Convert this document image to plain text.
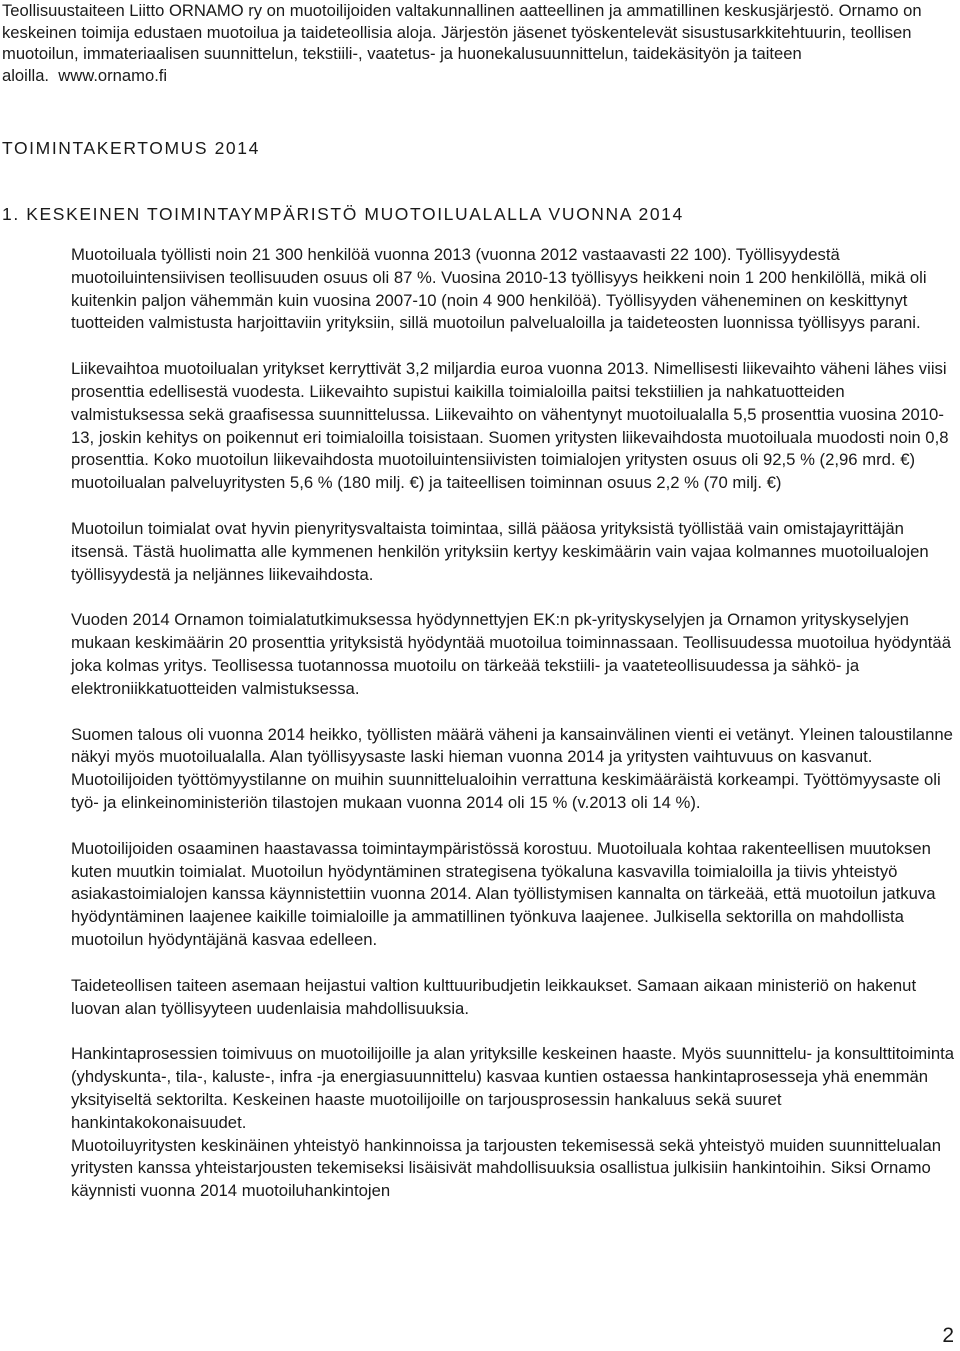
Teollisuustaiteen Liitto ORNAMO ry on muotoilijoiden valtakunnallinen aatteellinen ja ammatillinen keskusjärjestö. Ornamo on keskeinen toimija edustaen muotoilua ja taideteollisia aloja. Järjestön jäsenet työskentelevät sisustusarkkitehtuurin, teollisen muotoilun, immateriaalisen suunnittelun, tekstiili-, vaatetus- ja huonekalusuunnittelun, taidekäsityön ja taiteen aloilla. www.ornamo.fi

TOIMINTAKERTOMUS 2014
1. KESKEINEN TOIMINTAYMPÄRISTÖ MUOTOILUALALLA VUONNA 2014

Muotoiluala työllisti noin 21 300 henkilöä vuonna 2013 (vuonna 2012 vastaavasti 22 100). Työllisyydestä muotoiluintensiivisen teollisuuden osuus oli 87 %. Vuosina 2010-13 työllisyys heikkeni noin 1 200 henkilöllä, mikä oli kuitenkin paljon vähemmän kuin vuosina 2007-10 (noin 4 900 henkilöä). Työllisyyden väheneminen on keskittynyt tuotteiden valmistusta harjoittaviin yrityksiin, sillä muotoilun palvelualoilla ja taideteosten luonnissa työllisyys parani.

Liikevaihtoa muotoilualan yritykset kerryttivät 3,2 miljardia euroa vuonna 2013. Nimellisesti liikevaihto väheni lähes viisi prosenttia edellisestä vuodesta. Liikevaihto supistui kaikilla toimialoilla paitsi tekstiilien ja nahkatuotteiden valmistuksessa sekä graafisessa suunnittelussa. Liikevaihto on vähentynyt muotoilualalla 5,5 prosenttia vuosina 2010-13, joskin kehitys on poikennut eri toimialoilla toisistaan. Suomen yritysten liikevaihdosta muotoiluala muodosti noin 0,8 prosenttia. Koko muotoilun liikevaihdosta muotoiluintensiivisten toimialojen yritysten osuus oli 92,5 % (2,96 mrd. €) muotoilualan palveluyritysten 5,6 % (180 milj. €) ja taiteellisen toiminnan osuus 2,2 % (70 milj. €)

Muotoilun toimialat ovat hyvin pienyritysvaltaista toimintaa, sillä pääosa yrityksistä työllistää vain omistajayrittäjän itsensä. Tästä huolimatta alle kymmenen henkilön yrityksiin kertyy keskimäärin vain vajaa kolmannes muotoilualojen työllisyydestä ja neljännes liikevaihdosta.

Vuoden 2014 Ornamon toimialatutkimuksessa hyödynnettyjen EK:n pk-yrityskyselyjen ja Ornamon yrityskyselyjen mukaan keskimäärin 20 prosenttia yrityksistä hyödyntää muotoilua toiminnassaan. Teollisuudessa muotoilua hyödyntää joka kolmas yritys. Teollisessa tuotannossa muotoilu on tärkeää tekstiili- ja vaateteollisuudessa ja sähkö- ja elektroniikkatuotteiden valmistuksessa.

Suomen talous oli vuonna 2014 heikko, työllisten määrä väheni ja kansainvälinen vienti ei vetänyt. Yleinen taloustilanne näkyi myös muotoilualalla. Alan työllisyysaste laski hieman vuonna 2014 ja yritysten vaihtuvuus on kasvanut. Muotoilijoiden työttömyystilanne on muihin suunnittelualoihin verrattuna keskimääräistä korkeampi. Työttömyysaste oli työ- ja elinkeinoministeriön tilastojen mukaan vuonna 2014 oli 15 % (v.2013 oli 14 %).

Muotoilijoiden osaaminen haastavassa toimintaympäristössä korostuu. Muotoiluala kohtaa rakenteellisen muutoksen kuten muutkin toimialat. Muotoilun hyödyntäminen strategisena työkaluna kasvavilla toimialoilla ja tiivis yhteistyö asiakastoimialojen kanssa käynnistettiin vuonna 2014. Alan työllistymisen kannalta on tärkeää, että muotoilun jatkuva hyödyntäminen laajenee kaikille toimialoille ja ammatillinen työnkuva laajenee. Julkisella sektorilla on mahdollista muotoilun hyödyntäjänä kasvaa edelleen.

Taideteollisen taiteen asemaan heijastui valtion kulttuuribudjetin leikkaukset. Samaan aikaan ministeriö on hakenut luovan alan työllisyyteen uudenlaisia mahdollisuuksia.

Hankintaprosessien toimivuus on muotoilijoille ja alan yrityksille keskeinen haaste. Myös suunnittelu- ja konsulttitoiminta (yhdyskunta-, tila-, kaluste-, infra -ja energiasuunnittelu) kasvaa kuntien ostaessa hankintaprosesseja yhä enemmän yksityiseltä sektorilta. Keskeinen haaste muotoilijoille on tarjousprosessin hankaluus sekä suuret hankintakokonaisuudet.

Muotoiluyritysten keskinäinen yhteistyö hankinnoissa ja tarjousten tekemisessä sekä yhteistyö muiden suunnittelualan yritysten kanssa yhteistarjousten tekemiseksi lisäisivät mahdollisuuksia osallistua julkisiin hankintoihin. Siksi Ornamo käynnisti vuonna 2014 muotoiluhankintojen

2
